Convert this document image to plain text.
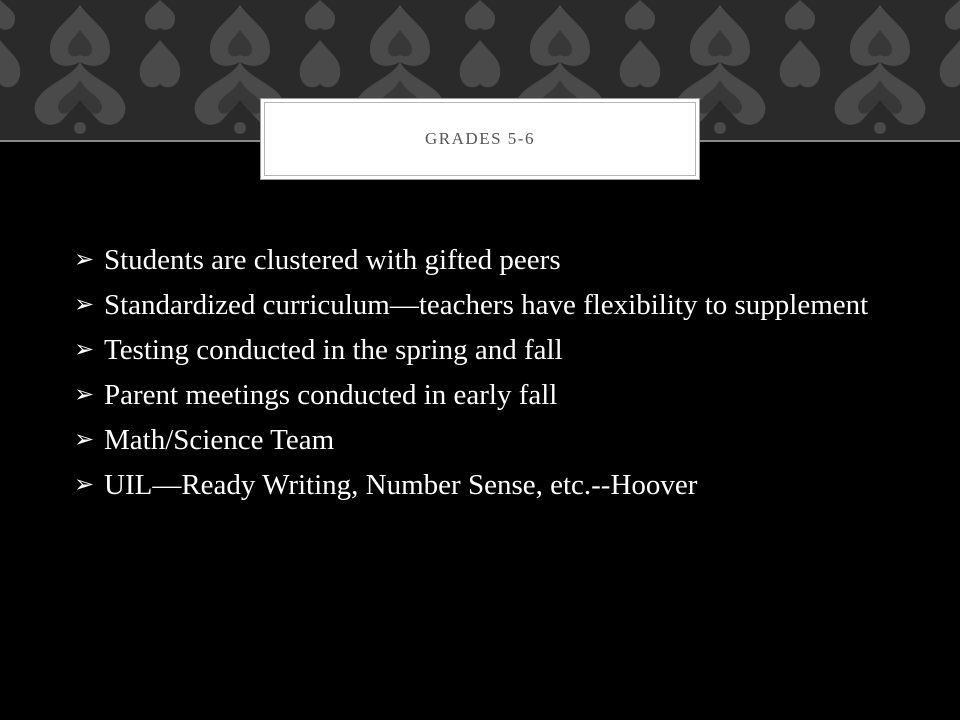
GRADES 5-6
➢ Students are clustered with gifted peers
➢ Standardized curriculum—teachers have flexibility to supplement
➢ Testing conducted in the spring and fall
➢ Parent meetings conducted in early fall
➢ Math/Science Team
➢ UIL—Ready Writing, Number Sense, etc.--Hoover
